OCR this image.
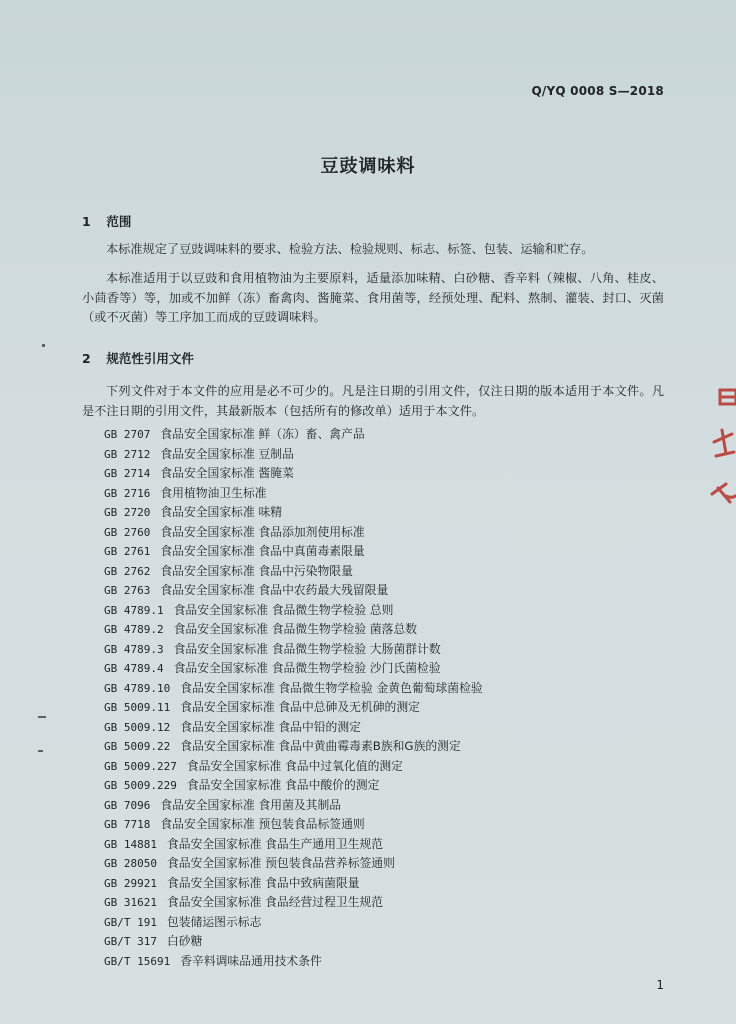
Q/YQ 0008 S—2018
豆豉调味料
1 范围

本标准规定了豆豉调味料的要求、检验方法、检验规则、标志、标签、包装、运输和贮存。

本标准适用于以豆豉和食用植物油为主要原料，适量添加味精、白砂糖、香辛料（辣椒、八角、桂皮、小茴香等）等，加或不加鲜（冻）畜禽肉、酱腌菜、食用菌等，经预处理、配料、熬制、灌装、封口、灭菌（或不灭菌）等工序加工而成的豆豉调味料。

2 规范性引用文件

下列文件对于本文件的应用是必不可少的。凡是注日期的引用文件，仅注日期的版本适用于本文件。凡是不注日期的引用文件，其最新版本（包括所有的修改单）适用于本文件。

GB 2707 食品安全国家标准 鲜（冻）畜、禽产品
GB 2712 食品安全国家标准 豆制品
GB 2714 食品安全国家标准 酱腌菜
GB 2716 食用植物油卫生标准
GB 2720 食品安全国家标准 味精
GB 2760 食品安全国家标准 食品添加剂使用标准
GB 2761 食品安全国家标准 食品中真菌毒素限量
GB 2762 食品安全国家标准 食品中污染物限量
GB 2763 食品安全国家标准 食品中农药最大残留限量
GB 4789.1 食品安全国家标准 食品微生物学检验 总则
GB 4789.2 食品安全国家标准 食品微生物学检验 菌落总数
GB 4789.3 食品安全国家标准 食品微生物学检验 大肠菌群计数
GB 4789.4 食品安全国家标准 食品微生物学检验 沙门氏菌检验
GB 4789.10 食品安全国家标准 食品微生物学检验 金黄色葡萄球菌检验
GB 5009.11 食品安全国家标准 食品中总砷及无机砷的测定
GB 5009.12 食品安全国家标准 食品中铅的测定
GB 5009.22 食品安全国家标准 食品中黄曲霉毒素B族和G族的测定
GB 5009.227 食品安全国家标准 食品中过氧化值的测定
GB 5009.229 食品安全国家标准 食品中酸价的测定
GB 7096 食品安全国家标准 食用菌及其制品
GB 7718 食品安全国家标准 预包装食品标签通则
GB 14881 食品安全国家标准 食品生产通用卫生规范
GB 28050 食品安全国家标准 预包装食品营养标签通则
GB 29921 食品安全国家标准 食品中致病菌限量
GB 31621 食品安全国家标准 食品经营过程卫生规范
GB/T 191 包装储运图示标志
GB/T 317 白砂糖
GB/T 15691 香辛料调味品通用技术条件
1
